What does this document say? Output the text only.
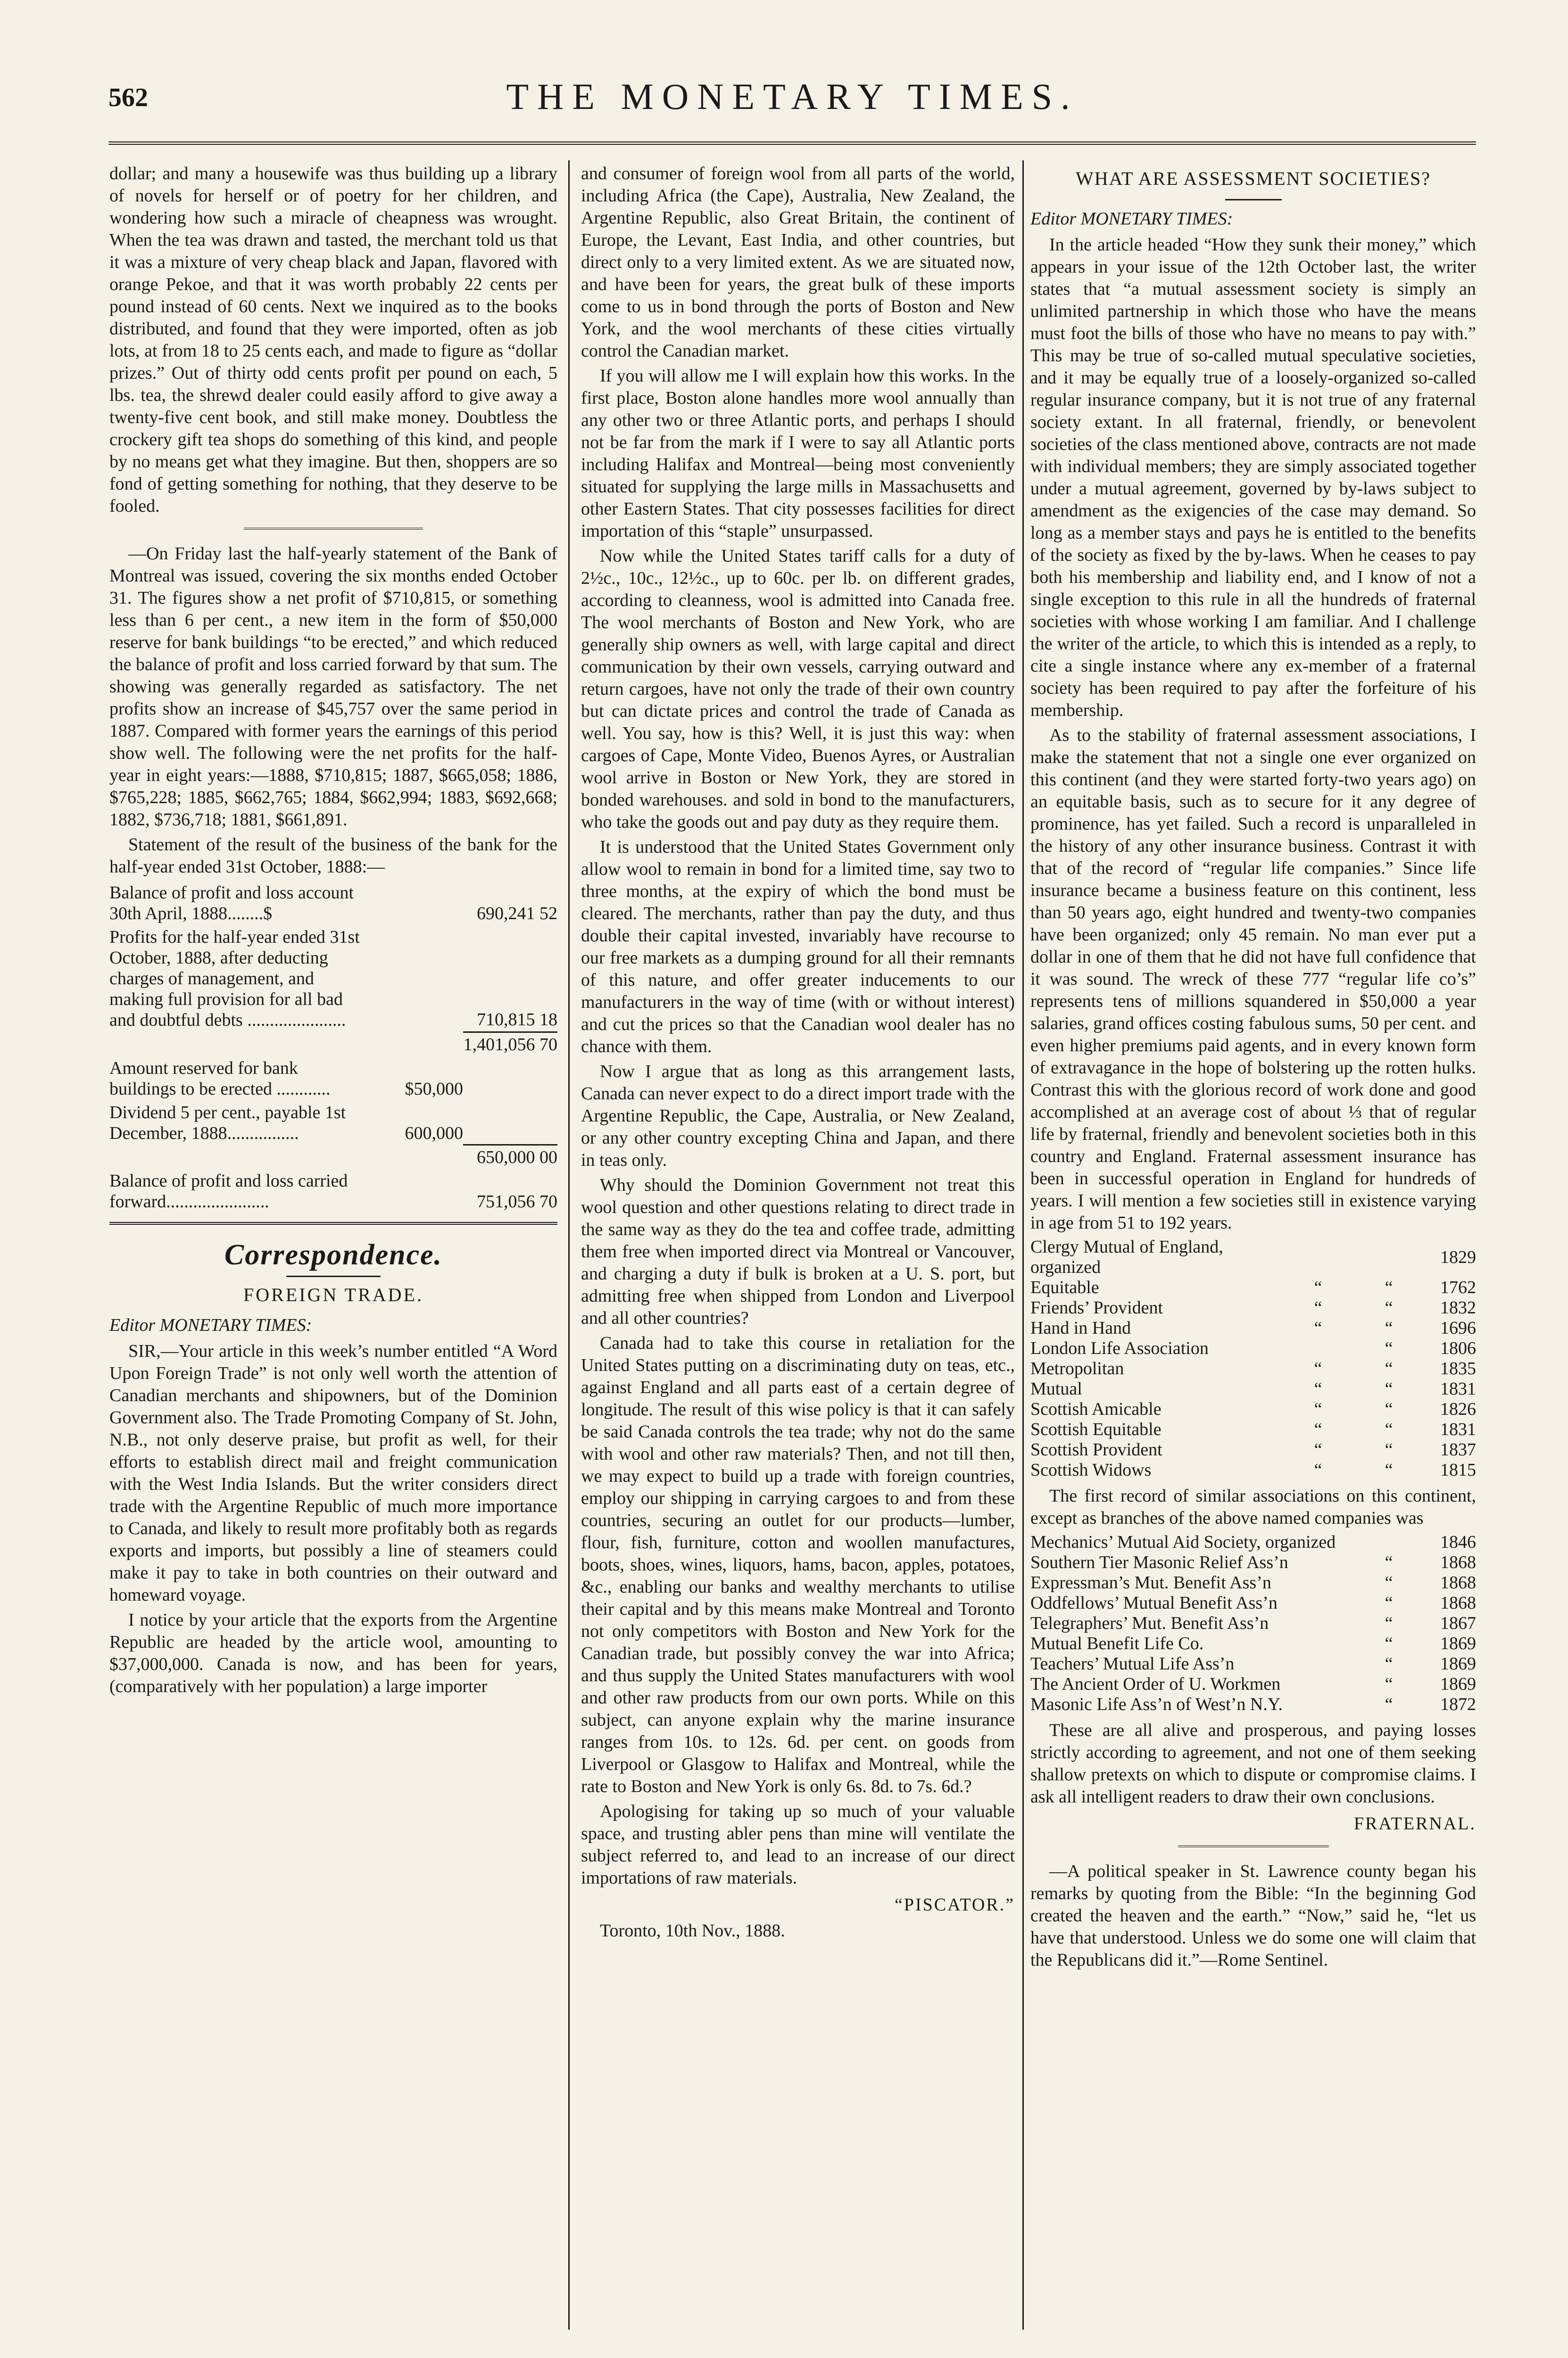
562	THE MONETARY TIMES.

dollar; and many a housewife was thus building up a library of novels for herself or of poetry for her children, and wondering how such a miracle of cheapness was wrought. When the tea was drawn and tasted, the merchant told us that it was a mixture of very cheap black and Japan, flavored with orange Pekoe, and that it was worth probably 22 cents per pound instead of 60 cents. Next we inquired as to the books distributed, and found that they were imported, often as job lots, at from 18 to 25 cents each, and made to figure as “dollar prizes.” Out of thirty odd cents profit per pound on each, 5 lbs. tea, the shrewd dealer could easily afford to give away a twenty-five cent book, and still make money. Doubtless the crockery gift tea shops do something of this kind, and people by no means get what they imagine. But then, shoppers are so fond of getting something for nothing, that they deserve to be fooled.

—On Friday last the half-yearly statement of the Bank of Montreal was issued, covering the six months ended October 31. The figures show a net profit of $710,815, or something less than 6 per cent., a new item in the form of $50,000 reserve for bank buildings “to be erected,” and which reduced the balance of profit and loss carried forward by that sum. The showing was generally regarded as satisfactory. The net profits show an increase of $45,757 over the same period in 1887. Compared with former years the earnings of this period show well. The following were the net profits for the half-year in eight years:—1888, $710,815; 1887, $665,058; 1886, $765,228; 1885, $662,765; 1884, $662,994; 1883, $692,668; 1882, $736,718; 1881, $661,891.

Statement of the result of the business of the bank for the half-year ended 31st October, 1888:—

Balance of profit and loss account 30th April, 1888........$		690,241 52
Profits for the half-year ended 31st October, 1888, after deducting charges of management, and making full provision for all bad and doubtful debts ......................		710,815 18
		1,401,056 70
Amount reserved for bank buildings to be erected ............	$50,000	
Dividend 5 per cent., payable 1st December, 1888................	600,000	
		650,000 00
Balance of profit and loss carried forward.......................		751,056 70
Correspondence.
FOREIGN TRADE.

Editor MONETARY TIMES:

SIR,—Your article in this week’s number entitled “A Word Upon Foreign Trade” is not only well worth the attention of Canadian merchants and shipowners, but of the Dominion Government also. The Trade Promoting Company of St. John, N.B., not only deserve praise, but profit as well, for their efforts to establish direct mail and freight communication with the West India Islands. But the writer considers direct trade with the Argentine Republic of much more importance to Canada, and likely to result more profitably both as regards exports and imports, but possibly a line of steamers could make it pay to take in both countries on their outward and homeward voyage.

I notice by your article that the exports from the Argentine Republic are headed by the article wool, amounting to $37,000,000. Canada is now, and has been for years, (comparatively with her population) a large importer

and consumer of foreign wool from all parts of the world, including Africa (the Cape), Australia, New Zealand, the Argentine Republic, also Great Britain, the continent of Europe, the Levant, East India, and other countries, but direct only to a very limited extent. As we are situated now, and have been for years, the great bulk of these imports come to us in bond through the ports of Boston and New York, and the wool merchants of these cities virtually control the Canadian market.

If you will allow me I will explain how this works. In the first place, Boston alone handles more wool annually than any other two or three Atlantic ports, and perhaps I should not be far from the mark if I were to say all Atlantic ports including Halifax and Montreal—being most conveniently situated for supplying the large mills in Massachusetts and other Eastern States. That city possesses facilities for direct importation of this “staple” unsurpassed.

Now while the United States tariff calls for a duty of 2½c., 10c., 12½c., up to 60c. per lb. on different grades, according to cleanness, wool is admitted into Canada free. The wool merchants of Boston and New York, who are generally ship owners as well, with large capital and direct communication by their own vessels, carrying outward and return cargoes, have not only the trade of their own country but can dictate prices and control the trade of Canada as well. You say, how is this? Well, it is just this way: when cargoes of Cape, Monte Video, Buenos Ayres, or Australian wool arrive in Boston or New York, they are stored in bonded warehouses. and sold in bond to the manufacturers, who take the goods out and pay duty as they require them.

It is understood that the United States Government only allow wool to remain in bond for a limited time, say two to three months, at the expiry of which the bond must be cleared. The merchants, rather than pay the duty, and thus double their capital invested, invariably have recourse to our free markets as a dumping ground for all their remnants of this nature, and offer greater inducements to our manufacturers in the way of time (with or without interest) and cut the prices so that the Canadian wool dealer has no chance with them.

Now I argue that as long as this arrangement lasts, Canada can never expect to do a direct import trade with the Argentine Republic, the Cape, Australia, or New Zealand, or any other country excepting China and Japan, and there in teas only.

Why should the Dominion Government not treat this wool question and other questions relating to direct trade in the same way as they do the tea and coffee trade, admitting them free when imported direct via Montreal or Vancouver, and charging a duty if bulk is broken at a U. S. port, but admitting free when shipped from London and Liverpool and all other countries?

Canada had to take this course in retaliation for the United States putting on a discriminating duty on teas, etc., against England and all parts east of a certain degree of longitude. The result of this wise policy is that it can safely be said Canada controls the tea trade; why not do the same with wool and other raw materials? Then, and not till then, we may expect to build up a trade with foreign countries, employ our shipping in carrying cargoes to and from these countries, securing an outlet for our products—lumber, flour, fish, furniture, cotton and woollen manufactures, boots, shoes, wines, liquors, hams, bacon, apples, potatoes, &c., enabling our banks and wealthy merchants to utilise their capital and by this means make Montreal and Toronto not only competitors with Boston and New York for the Canadian trade, but possibly convey the war into Africa; and thus supply the United States manufacturers with wool and other raw products from our own ports. While on this subject, can anyone explain why the marine insurance ranges from 10s. to 12s. 6d. per cent. on goods from Liverpool or Glasgow to Halifax and Montreal, while the rate to Boston and New York is only 6s. 8d. to 7s. 6d.?

Apologising for taking up so much of your valuable space, and trusting abler pens than mine will ventilate the subject referred to, and lead to an increase of our direct importations of raw materials.

“PISCATOR.”
Toronto, 10th Nov., 1888.
WHAT ARE ASSESSMENT SOCIETIES?

Editor MONETARY TIMES:

In the article headed “How they sunk their money,” which appears in your issue of the 12th October last, the writer states that “a mutual assessment society is simply an unlimited partnership in which those who have the means must foot the bills of those who have no means to pay with.” This may be true of so-called mutual speculative societies, and it may be equally true of a loosely-organized so-called regular insurance company, but it is not true of any fraternal society extant. In all fraternal, friendly, or benevolent societies of the class mentioned above, contracts are not made with individual members; they are simply associated together under a mutual agreement, governed by by-laws subject to amendment as the exigencies of the case may demand. So long as a member stays and pays he is entitled to the benefits of the society as fixed by the by-laws. When he ceases to pay both his membership and liability end, and I know of not a single exception to this rule in all the hundreds of fraternal societies with whose working I am familiar. And I challenge the writer of the article, to which this is intended as a reply, to cite a single instance where any ex-member of a fraternal society has been required to pay after the forfeiture of his membership.

As to the stability of fraternal assessment associations, I make the statement that not a single one ever organized on this continent (and they were started forty-two years ago) on an equitable basis, such as to secure for it any degree of prominence, has yet failed. Such a record is unparalleled in the history of any other insurance business. Contrast it with that of the record of “regular life companies.” Since life insurance became a business feature on this continent, less than 50 years ago, eight hundred and twenty-two companies have been organized; only 45 remain. No man ever put a dollar in one of them that he did not have full confidence that it was sound. The wreck of these 777 “regular life co’s” represents tens of millions squandered in $50,000 a year salaries, grand offices costing fabulous sums, 50 per cent. and even higher premiums paid agents, and in every known form of extravagance in the hope of bolstering up the rotten hulks. Contrast this with the glorious record of work done and good accomplished at an average cost of about ⅓ that of regular life by fraternal, friendly and benevolent societies both in this country and England. Fraternal assessment insurance has been in successful operation in England for hundreds of years. I will mention a few societies still in existence varying in age from 51 to 192 years.

Clergy Mutual of England, organized			1829
Equitable	“	“	1762
Friends’ Provident	“	“	1832
Hand in Hand	“	“	1696
London Life Association		“	1806
Metropolitan	“	“	1835
Mutual	“	“	1831
Scottish Amicable	“	“	1826
Scottish Equitable	“	“	1831
Scottish Provident	“	“	1837
Scottish Widows	“	“	1815

The first record of similar associations on this continent, except as branches of the above named companies was

Mechanics’ Mutual Aid Society, organized		1846
Southern Tier Masonic Relief Ass’n	“	1868
Expressman’s Mut. Benefit Ass’n	“	1868
Oddfellows’ Mutual Benefit Ass’n	“	1868
Telegraphers’ Mut. Benefit Ass’n	“	1867
Mutual Benefit Life Co.	“	1869
Teachers’ Mutual Life Ass’n	“	1869
The Ancient Order of U. Workmen	“	1869
Masonic Life Ass’n of West’n N.Y.	“	1872

These are all alive and prosperous, and paying losses strictly according to agreement, and not one of them seeking shallow pretexts on which to dispute or compromise claims. I ask all intelligent readers to draw their own conclusions.

FRATERNAL.

—A political speaker in St. Lawrence county began his remarks by quoting from the Bible: “In the beginning God created the heaven and the earth.” “Now,” said he, “let us have that understood. Unless we do some one will claim that the Republicans did it.”—Rome Sentinel.
